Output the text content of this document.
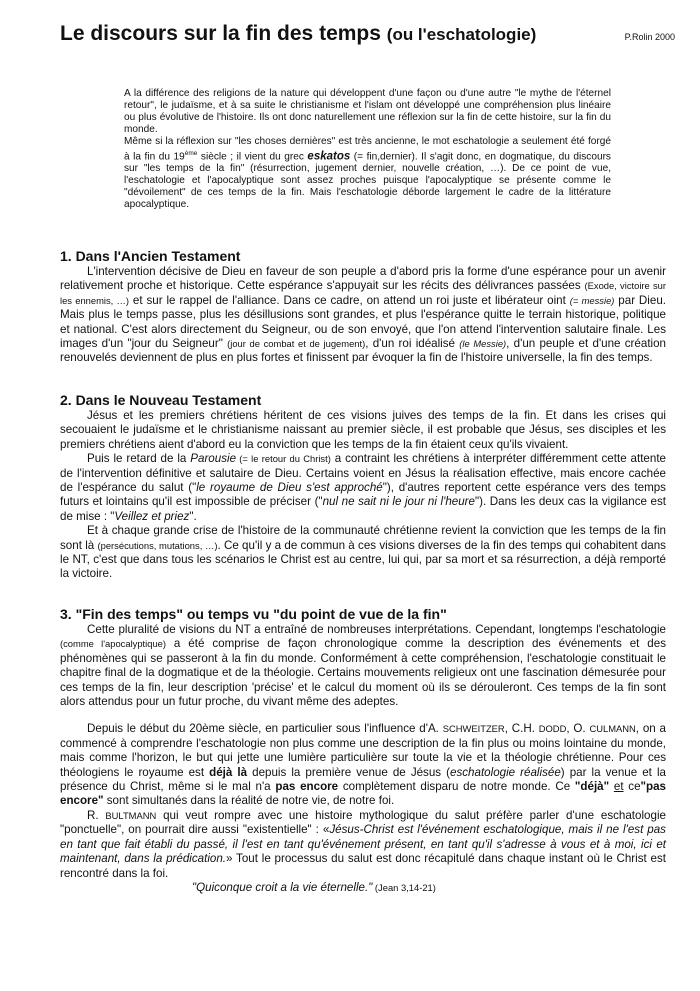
Le discours sur la fin des temps (ou l'eschatologie)	P.Rolin 2000

A la différence des religions de la nature qui développent d'une façon ou d'une autre "le mythe de l'éternel retour", le judaïsme, et à sa suite le christianisme et l'islam ont développé une compréhension plus linéaire ou plus évolutive de l'histoire. Ils ont donc naturellement une réflexion sur la fin de cette histoire, sur la fin du monde.

Même si la réflexion sur "les choses dernières" est très ancienne, le mot eschatologie a seulement été forgé à la fin du 19ème siècle ; il vient du grec eskatos (= fin,dernier). Il s'agit donc, en dogmatique, du discours sur "les temps de la fin" (résurrection, jugement dernier, nouvelle création, …). De ce point de vue, l'eschatologie et l'apocalyptique sont assez proches puisque l'apocalyptique se présente comme le "dévoilement" de ces temps de la fin. Mais l'eschatologie déborde largement le cadre de la littérature apocalyptique.

1. Dans l'Ancien Testament

L'intervention décisive de Dieu en faveur de son peuple a d'abord pris la forme d'une espérance pour un avenir relativement proche et historique. Cette espérance s'appuyait sur les récits des délivrances passées (Exode, victoire sur les ennemis, …) et sur le rappel de l'alliance. Dans ce cadre, on attend un roi juste et libérateur oint (= messie) par Dieu. Mais plus le temps passe, plus les désillusions sont grandes, et plus l'espérance quitte le terrain historique, politique et national. C'est alors directement du Seigneur, ou de son envoyé, que l'on attend l'intervention salutaire finale. Les images d'un "jour du Seigneur" (jour de combat et de jugement), d'un roi idéalisé (le Messie), d'un peuple et d'une création renouvelés deviennent de plus en plus fortes et finissent par évoquer la fin de l'histoire universelle, la fin des temps.

2. Dans le Nouveau Testament

Jésus et les premiers chrétiens héritent de ces visions juives des temps de la fin. Et dans les crises qui secouaient le judaïsme et le christianisme naissant au premier siècle, il est probable que Jésus, ses disciples et les premiers chrétiens aient d'abord eu la conviction que les temps de la fin étaient ceux qu'ils vivaient.

Puis le retard de la Parousie (= le retour du Christ) a contraint les chrétiens à interpréter différemment cette attente de l'intervention définitive et salutaire de Dieu. Certains voient en Jésus la réalisation effective, mais encore cachée de l'espérance du salut ("le royaume de Dieu s'est approché"), d'autres reportent cette espérance vers des temps futurs et lointains qu'il est impossible de préciser ("nul ne sait ni le jour ni l'heure"). Dans les deux cas la vigilance est de mise : "Veillez et priez".

Et à chaque grande crise de l'histoire de la communauté chrétienne revient la conviction que les temps de la fin sont là (persécutions, mutations, …). Ce qu'il y a de commun à ces visions diverses de la fin des temps qui cohabitent dans le NT, c'est que dans tous les scénarios le Christ est au centre, lui qui, par sa mort et sa résurrection, a déjà remporté la victoire.

3. "Fin des temps" ou temps vu "du point de vue de la fin"

Cette pluralité de visions du NT a entraîné de nombreuses interprétations. Cependant, longtemps l'eschatologie (comme l'apocalyptique) a été comprise de façon chronologique comme la description des événements et des phénomènes qui se passeront à la fin du monde. Conformément à cette compréhension, l'eschatologie constituait le chapitre final de la dogmatique et de la théologie. Certains mouvements religieux ont une fascination démesurée pour ces temps de la fin, leur description 'précise' et le calcul du moment où ils se dérouleront. Ces temps de la fin sont alors attendus pour un futur proche, du vivant même des adeptes.

Depuis le début du 20ème siècle, en particulier sous l'influence d'A. SCHWEITZER, C.H. DODD, O. CULMANN, on a commencé à comprendre l'eschatologie non plus comme une description de la fin plus ou moins lointaine du monde, mais comme l'horizon, le but qui jette une lumière particulière sur toute la vie et la théologie chrétienne. Pour ces théologiens le royaume est déjà là depuis la première venue de Jésus (eschatologie réalisée) par la venue et la présence du Christ, même si le mal n'a pas encore complètement disparu de notre monde. Ce "déjà" et ce"pas encore" sont simultanés dans la réalité de notre vie, de notre foi.

R. BULTMANN qui veut rompre avec une histoire mythologique du salut préfère parler d'une eschatologie "ponctuelle", on pourrait dire aussi "existentielle" : «Jésus-Christ est l'événement eschatologique, mais il ne l'est pas en tant que fait établi du passé, il l'est en tant qu'événement présent, en tant qu'il s'adresse à vous et à moi, ici et maintenant, dans la prédication.» Tout le processus du salut est donc récapitulé dans chaque instant où le Christ est rencontré dans la foi.

"Quiconque croit a la vie éternelle." (Jean 3,14-21)
